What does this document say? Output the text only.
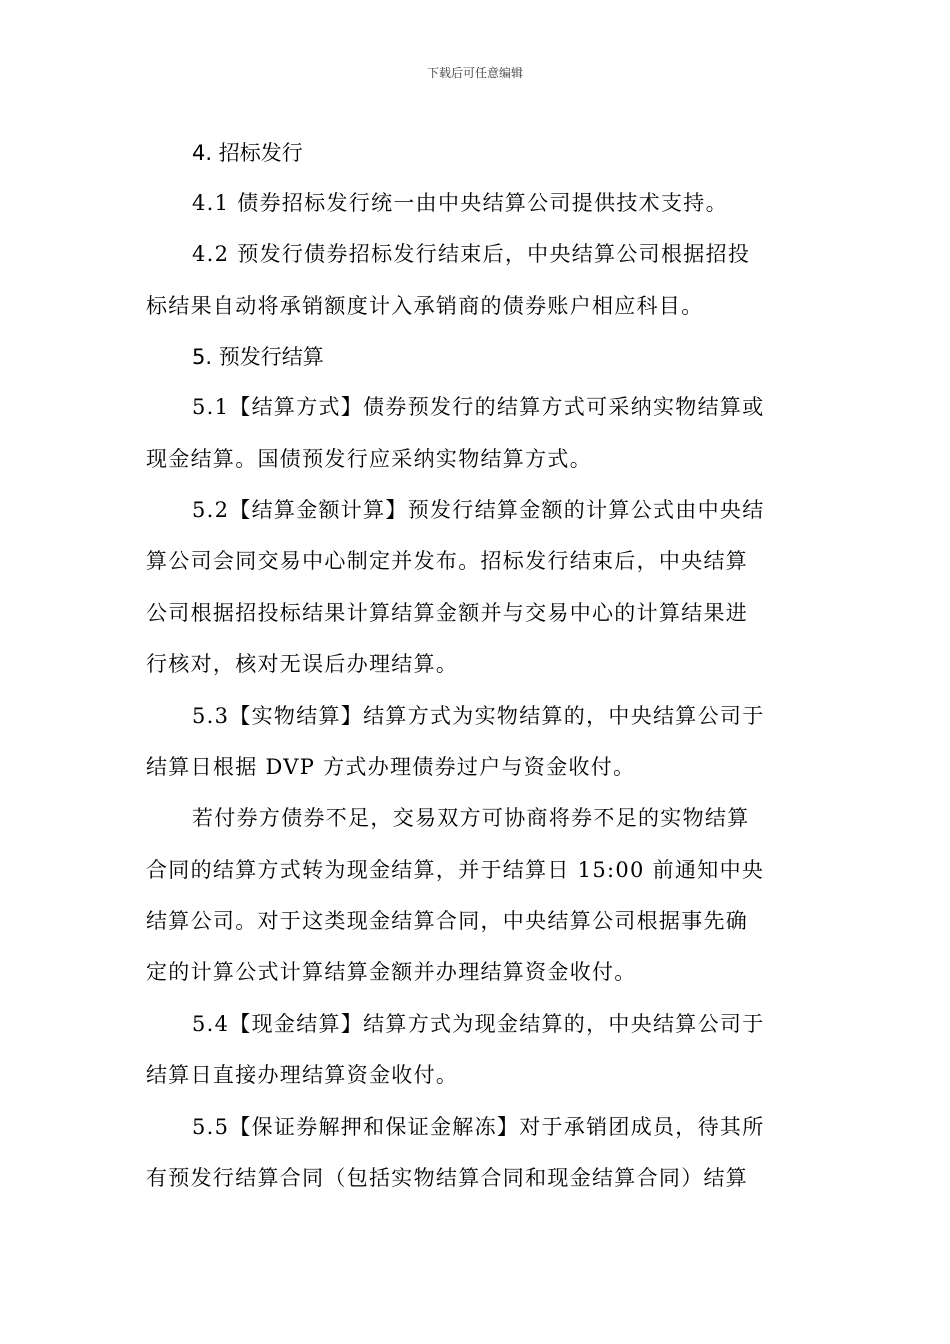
下载后可任意编辑
4. 招标发行
4.1 债券招标发行统一由中央结算公司提供技术支持。
4.2 预发行债券招标发行结束后，中央结算公司根据招投
标结果自动将承销额度计入承销商的债券账户相应科目。
5. 预发行结算
5.1【结算方式】债券预发行的结算方式可采纳实物结算或
现金结算。国债预发行应采纳实物结算方式。
5.2【结算金额计算】预发行结算金额的计算公式由中央结
算公司会同交易中心制定并发布。招标发行结束后，中央结算
公司根据招投标结果计算结算金额并与交易中心的计算结果进
行核对，核对无误后办理结算。
5.3【实物结算】结算方式为实物结算的，中央结算公司于
结算日根据 DVP 方式办理债券过户与资金收付。
若付券方债券不足，交易双方可协商将券不足的实物结算
合同的结算方式转为现金结算，并于结算日 15:00 前通知中央
结算公司。对于这类现金结算合同，中央结算公司根据事先确
定的计算公式计算结算金额并办理结算资金收付。
5.4【现金结算】结算方式为现金结算的，中央结算公司于
结算日直接办理结算资金收付。
5.5【保证券解押和保证金解冻】对于承销团成员，待其所
有预发行结算合同（包括实物结算合同和现金结算合同）结算
